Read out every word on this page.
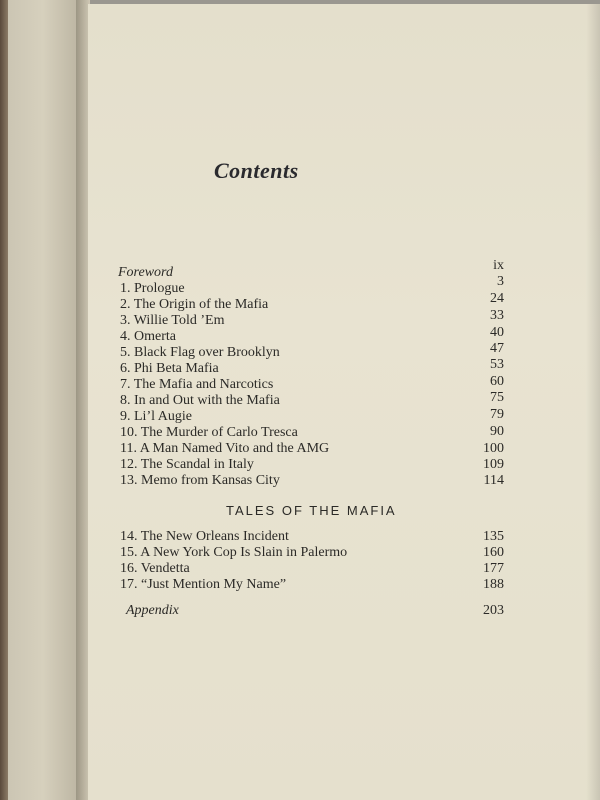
Contents
Foreword	ix
1. Prologue	3
2. The Origin of the Mafia	24
3. Willie Told ’Em	33
4. Omerta	40
5. Black Flag over Brooklyn	47
6. Phi Beta Mafia	53
7. The Mafia and Narcotics	60
8. In and Out with the Mafia	75
9. Li’l Augie	79
10. The Murder of Carlo Tresca	90
11. A Man Named Vito and the AMG	100
12. The Scandal in Italy	109
13. Memo from Kansas City	114
TALES OF THE MAFIA
14. The New Orleans Incident	135
15. A New York Cop Is Slain in Palermo	160
16. Vendetta	177
17. “Just Mention My Name”	188
Appendix	203
